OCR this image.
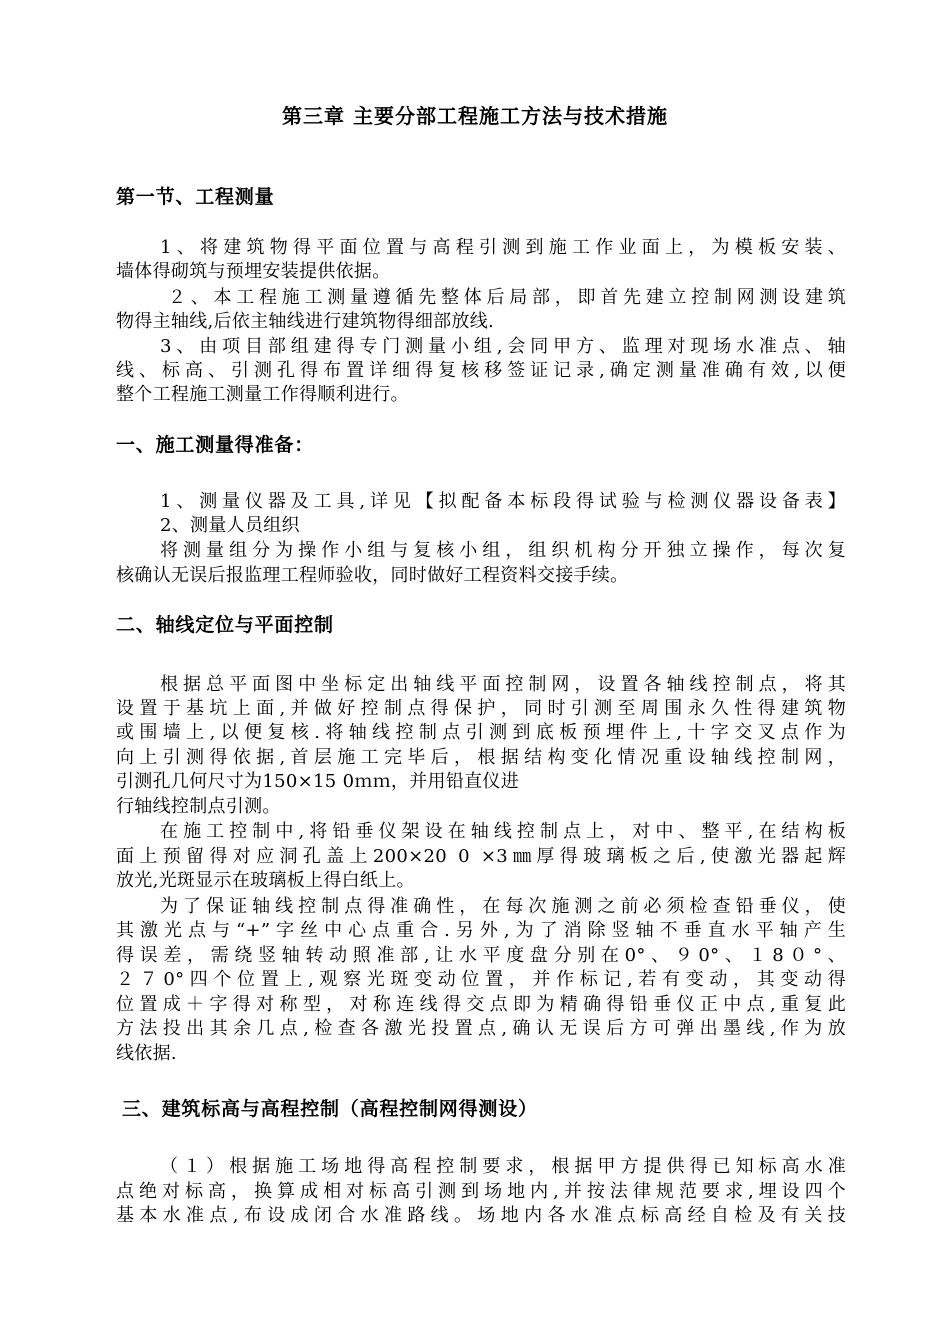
第三章 主要分部工程施工方法与技术措施
第一节、工程测量
1、将建筑物得平面位置与高程引测到施工作业面上，为模板安装、
墙体得砌筑与预埋安装提供依据。
２、本工程施工测量遵循先整体后局部，即首先建立控制网测设建筑
物得主轴线,后依主轴线进行建筑物得细部放线.
3、由项目部组建得专门测量小组,会同甲方、监理对现场水准点、轴
线、标高、引测孔得布置详细得复核移签证记录,确定测量准确有效,以便
整个工程施工测量工作得顺利进行。
一、施工测量得准备：
1、测量仪器及工具,详见【拟配备本标段得试验与检测仪器设备表】
2、测量人员组织
将测量组分为操作小组与复核小组，组织机构分开独立操作，每次复
核确认无误后报监理工程师验收，同时做好工程资料交接手续。
二、轴线定位与平面控制
根据总平面图中坐标定出轴线平面控制网，设置各轴线控制点，将其
设置于基坑上面,并做好控制点得保护，同时引测至周围永久性得建筑物
或围墙上,以便复核.将轴线控制点引测到底板预埋件上,十字交叉点作为
向上引测得依据,首层施工完毕后，根据结构变化情况重设轴线控制网，
引测孔几何尺寸为150×15 0ｍｍ，并用铅直仪进
行轴线控制点引测。
在施工控制中,将铅垂仪架设在轴线控制点上，对中、整平,在结构板
面上预留得对应洞孔盖上200×20 0 ×3㎜厚得玻璃板之后,使激光器起辉
放光,光斑显示在玻璃板上得白纸上。
为了保证轴线控制点得准确性，在每次施测之前必须检查铅垂仪，使
其激光点与“+”字丝中心点重合.另外,为了消除竖轴不垂直水平轴产生
得误差，需绕竖轴转动照准部,让水平度盘分别在0°、９0°、１8０°、
２７0°四个位置上,观察光斑变动位置，并作标记,若有变动，其变动得
位置成＋字得对称型，对称连线得交点即为精确得铅垂仪正中点,重复此
方法投出其余几点,检查各激光投置点,确认无误后方可弹出墨线,作为放
线依据.
三、建筑标高与高程控制（高程控制网得测设）
（１）根据施工场地得高程控制要求，根据甲方提供得已知标高水准
点绝对标高，换算成相对标高引测到场地内,并按法律规范要求,埋设四个
基本水准点,布设成闭合水准路线。场地内各水准点标高经自检及有关技
